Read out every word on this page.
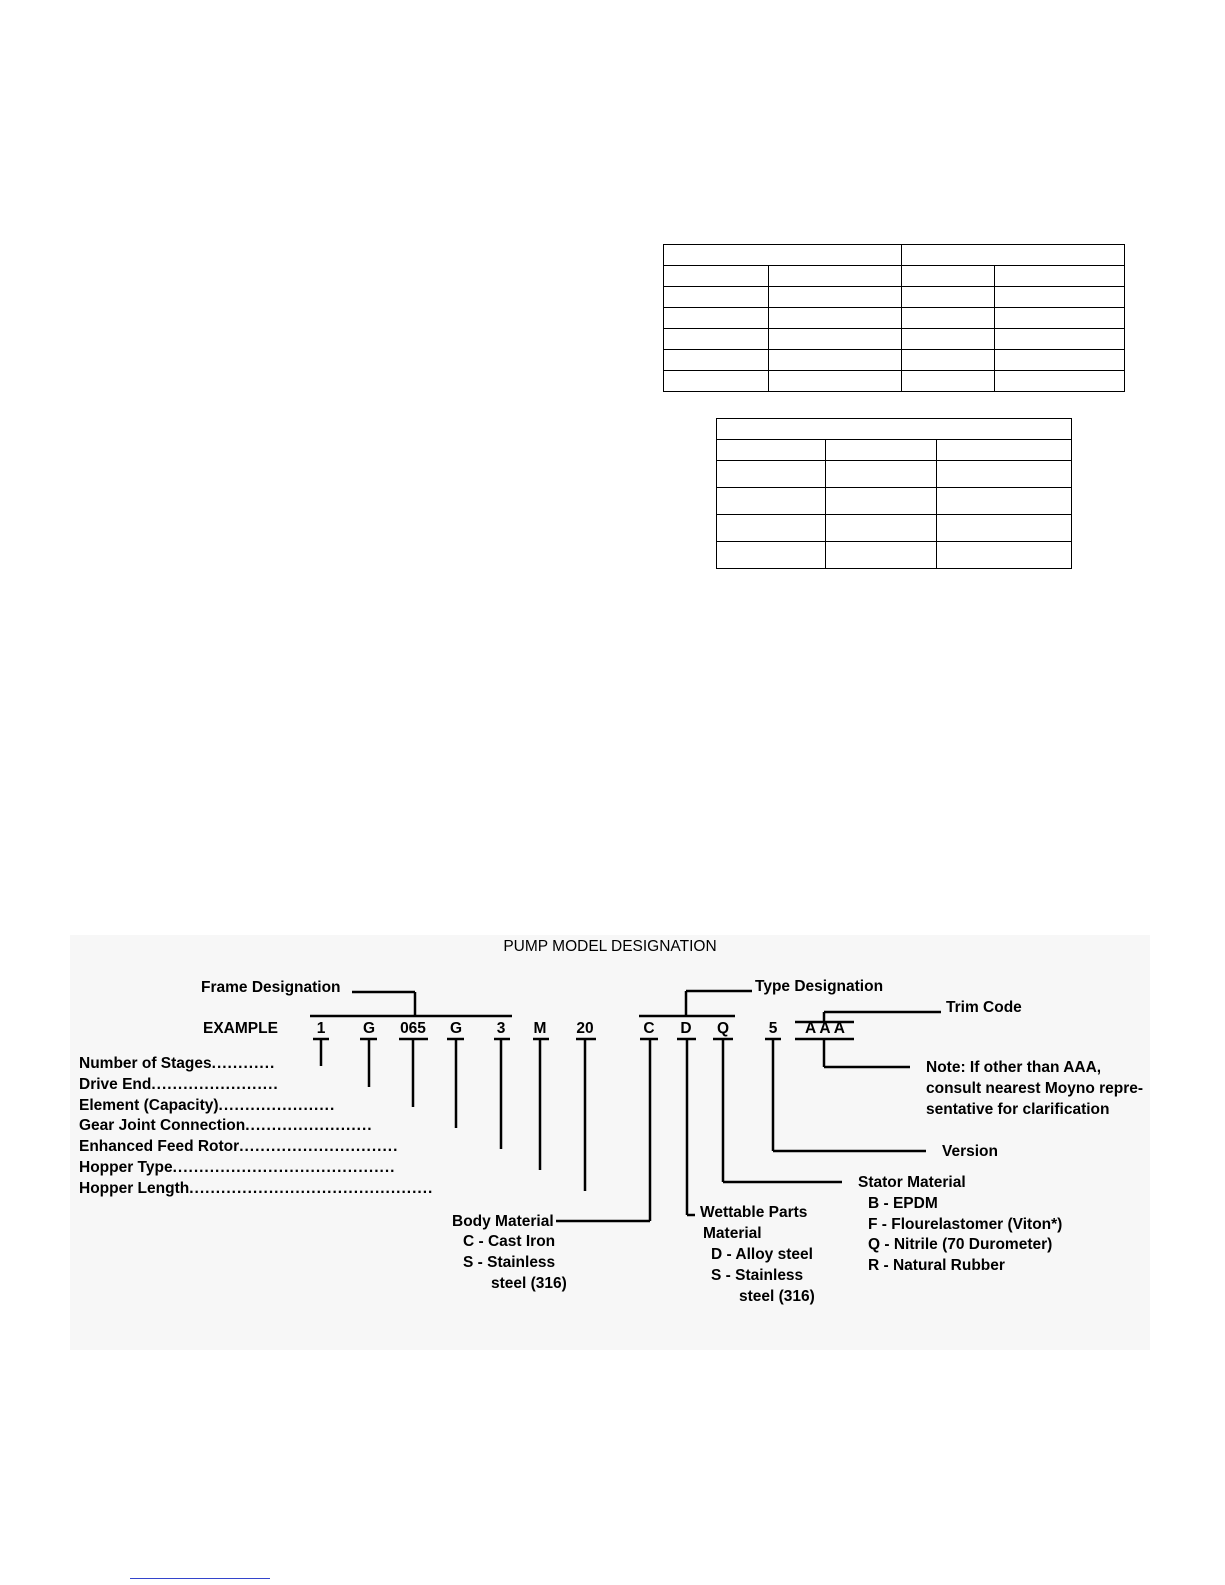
PUMP MODEL DESIGNATION
Frame Designation	Type Designation
Trim Code
EXAMPLE	1	G	065	G	3	M	20	C	D	Q	5	A A A
Number of Stages............
Drive End........................
Element (Capacity)......................
Gear Joint Connection........................
Enhanced Feed Rotor..............................
Hopper Type..........................................
Hopper Length..............................................
Note: If other than AAA,
consult nearest Moyno repre-
sentative for clarification
Version
Stator Material
B - EPDM
F - Flourelastomer (Viton*)
Q - Nitrile (70 Durometer)
R - Natural Rubber
Wettable Parts
Material
D - Alloy steel
S - Stainless
steel (316)
Body Material
C - Cast Iron
S - Stainless
steel (316)
